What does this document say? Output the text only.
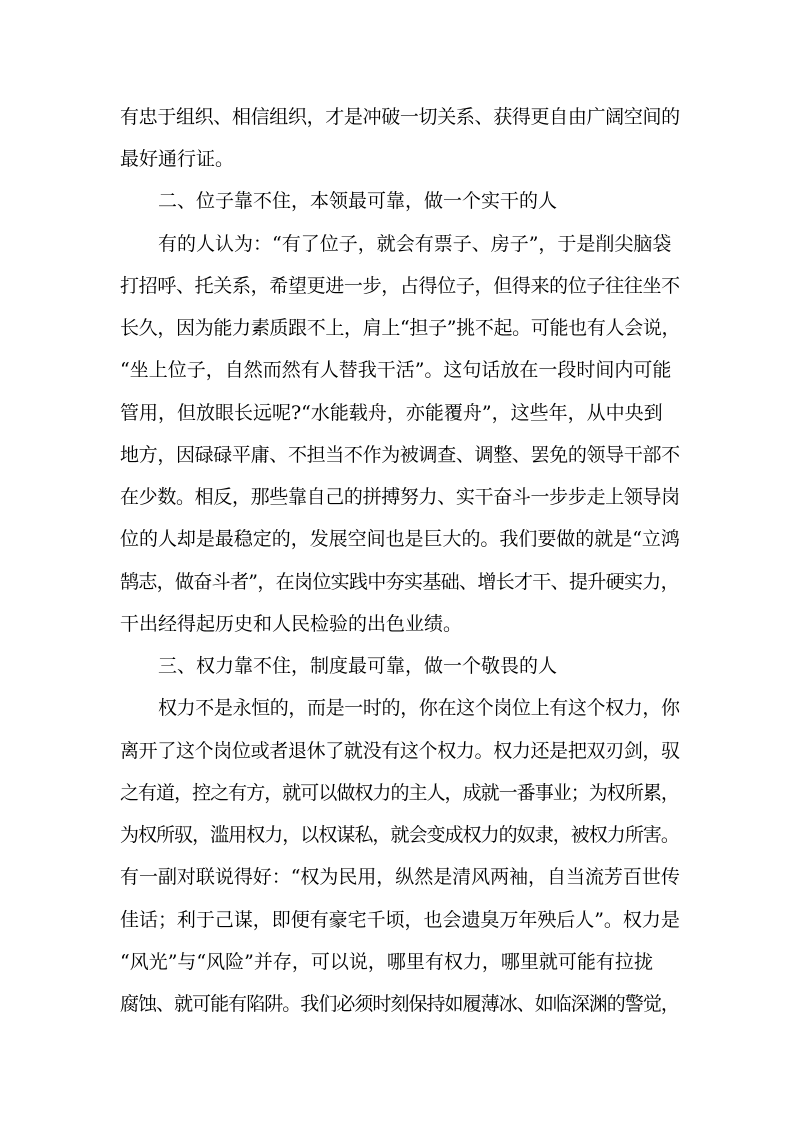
有忠于组织、相信组织，才是冲破一切关系、获得更自由广阔空间的
最好通行证。
二、位子靠不住，本领最可靠，做一个实干的人
有的人认为：“有了位子，就会有票子、房子”，于是削尖脑袋
打招呼、托关系，希望更进一步，占得位子，但得来的位子往往坐不
长久，因为能力素质跟不上，肩上“担子”挑不起。可能也有人会说，
“坐上位子，自然而然有人替我干活”。这句话放在一段时间内可能
管用，但放眼长远呢?“水能载舟，亦能覆舟”，这些年，从中央到
地方，因碌碌平庸、不担当不作为被调查、调整、罢免的领导干部不
在少数。相反，那些靠自己的拼搏努力、实干奋斗一步步走上领导岗
位的人却是最稳定的，发展空间也是巨大的。我们要做的就是“立鸿
鹄志，做奋斗者”，在岗位实践中夯实基础、增长才干、提升硬实力，
干出经得起历史和人民检验的出色业绩。
三、权力靠不住，制度最可靠，做一个敬畏的人
权力不是永恒的，而是一时的，你在这个岗位上有这个权力，你
离开了这个岗位或者退休了就没有这个权力。权力还是把双刃剑，驭
之有道，控之有方，就可以做权力的主人，成就一番事业；为权所累，
为权所驭，滥用权力，以权谋私，就会变成权力的奴隶，被权力所害。
有一副对联说得好：“权为民用，纵然是清风两袖，自当流芳百世传
佳话；利于己谋，即便有豪宅千顷，也会遗臭万年殃后人”。权力是
“风光”与“风险”并存，可以说，哪里有权力，哪里就可能有拉拢
腐蚀、就可能有陷阱。我们必须时刻保持如履薄冰、如临深渊的警觉，
